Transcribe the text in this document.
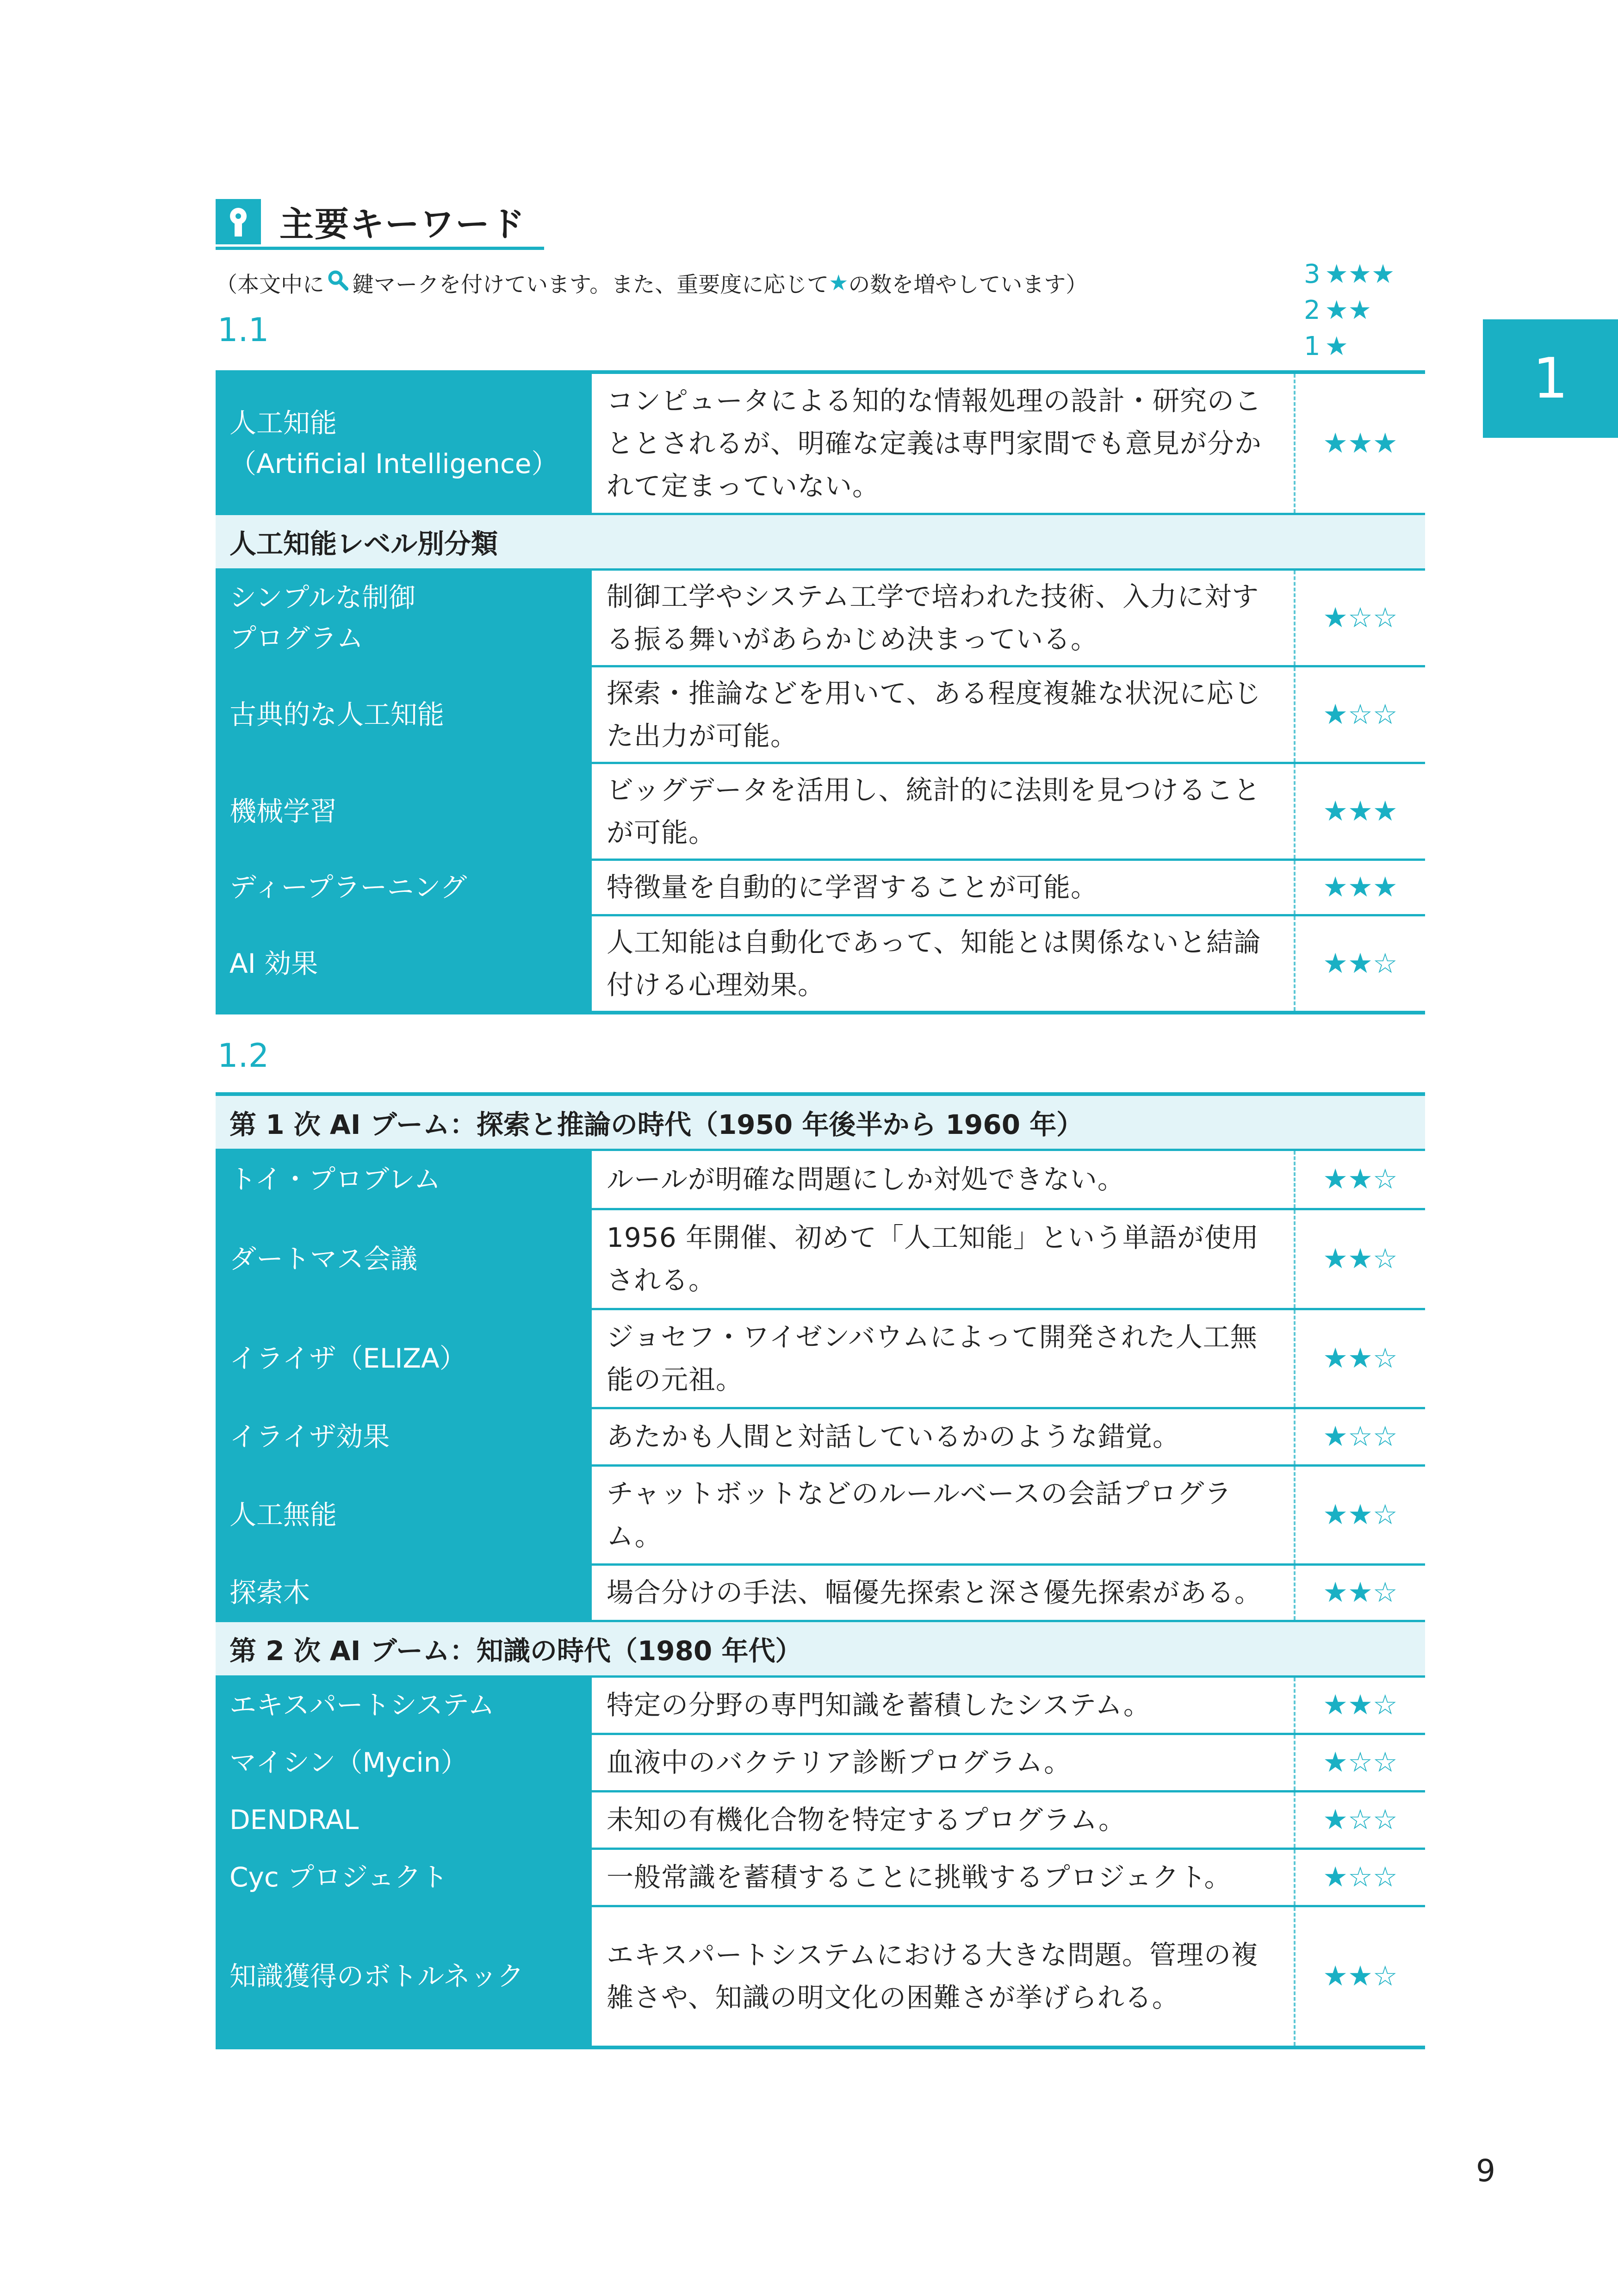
主要キーワード
（本文中に 鍵マークを付けています。また、重要度に応じて ★ の数を増やしています）	3 ★★★
2 ★★
1 ★	1
1.1
人工知能
（Artificial Intelligence）	コンピュータによる知的な情報処理の設計・研究のこととされるが、明確な定義は専門家間でも意見が分かれて定まっていない。	★★★
人工知能レベル別分類		

シンプルな制御
プログラム	制御工学やシステム工学で培われた技術、入力に対する振る舞いがあらかじめ決まっている。	★☆☆

古典的な人工知能	探索・推論などを用いて、ある程度複雑な状況に応じた出力が可能。	★☆☆

機械学習	ビッグデータを活用し、統計的に法則を見つけることが可能。	★★★

ディープラーニング	特徴量を自動的に学習することが可能。	★★★

AI 効果	人工知能は自動化であって、知能とは関係ないと結論付ける心理効果。	★★☆
1.2
第 1 次 AI ブーム：探索と推論の時代（1950 年後半から 1960 年）		

トイ・プロブレム	ルールが明確な問題にしか対処できない。	★★☆

ダートマス会議	1956 年開催、初めて「人工知能」という単語が使用される。	★★☆

イライザ（ELIZA）	ジョセフ・ワイゼンバウムによって開発された人工無能の元祖。	★★☆

イライザ効果	あたかも人間と対話しているかのような錯覚。	★☆☆

人工無能	チャットボットなどのルールベースの会話プログラム。	★★☆

探索木	場合分けの手法、幅優先探索と深さ優先探索がある。	★★☆
第 2 次 AI ブーム：知識の時代（1980 年代）		

エキスパートシステム	特定の分野の専門知識を蓄積したシステム。	★★☆

マイシン（Mycin）	血液中のバクテリア診断プログラム。	★☆☆

DENDRAL	未知の有機化合物を特定するプログラム。	★☆☆

Cyc プロジェクト	一般常識を蓄積することに挑戦するプロジェクト。	★☆☆

知識獲得のボトルネック	エキスパートシステムにおける大きな問題。管理の複雑さや、知識の明文化の困難さが挙げられる。	★★☆
9
